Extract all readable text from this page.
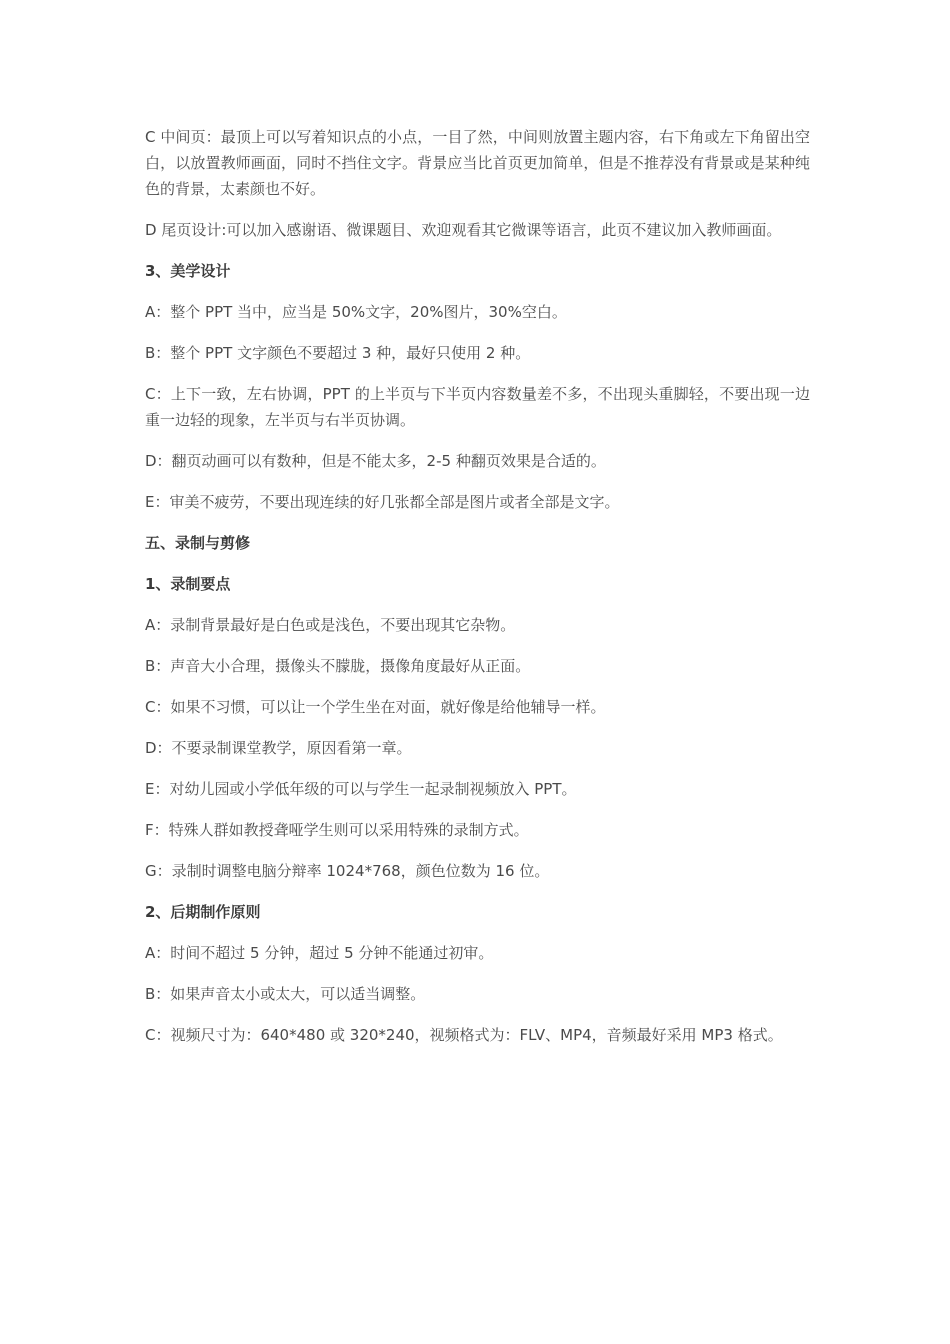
C 中间页：最顶上可以写着知识点的小点，一目了然，中间则放置主题内容，右下角或左下角留出空白，以放置教师画面，同时不挡住文字。背景应当比首页更加简单，但是不推荐没有背景或是某种纯色的背景，太素颜也不好。

D 尾页设计:可以加入感谢语、微课题目、欢迎观看其它微课等语言，此页不建议加入教师画面。

3、美学设计

A：整个 PPT 当中，应当是 50%文字，20%图片，30%空白。

B：整个 PPT 文字颜色不要超过 3 种，最好只使用 2 种。

C：上下一致，左右协调，PPT 的上半页与下半页内容数量差不多，不出现头重脚轻，不要出现一边重一边轻的现象，左半页与右半页协调。

D：翻页动画可以有数种，但是不能太多，2-5 种翻页效果是合适的。

E：审美不疲劳，不要出现连续的好几张都全部是图片或者全部是文字。

五、录制与剪修

1、录制要点

A：录制背景最好是白色或是浅色，不要出现其它杂物。

B：声音大小合理，摄像头不朦胧，摄像角度最好从正面。

C：如果不习惯，可以让一个学生坐在对面，就好像是给他辅导一样。

D：不要录制课堂教学，原因看第一章。

E：对幼儿园或小学低年级的可以与学生一起录制视频放入 PPT。

F：特殊人群如教授聋哑学生则可以采用特殊的录制方式。

G：录制时调整电脑分辩率 1024*768，颜色位数为 16 位。

2、后期制作原则

A：时间不超过 5 分钟，超过 5 分钟不能通过初审。

B：如果声音太小或太大，可以适当调整。

C：视频尺寸为：640*480 或 320*240，视频格式为：FLV、MP4，音频最好采用 MP3 格式。
